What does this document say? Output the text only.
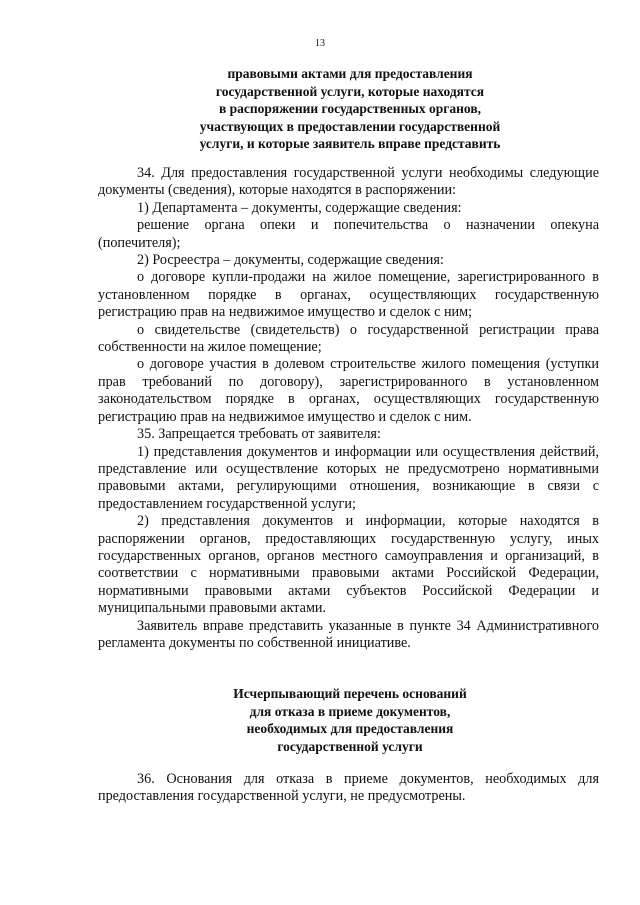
13
правовыми актами для предоставления
государственной услуги, которые находятся
в распоряжении государственных органов,
участвующих в предоставлении государственной
услуги, и которые заявитель вправе представить

34. Для предоставления государственной услуги необходимы следующие документы (сведения), которые находятся в распоряжении:

1) Департамента – документы, содержащие сведения:

решение органа опеки и попечительства о назначении опекуна (попечителя);

2) Росреестра – документы, содержащие сведения:

о договоре купли-продажи на жилое помещение, зарегистрированного в установленном порядке в органах, осуществляющих государственную регистрацию прав на недвижимое имущество и сделок с ним;

о свидетельстве (свидетельств) о государственной регистрации права собственности на жилое помещение;

о договоре участия в долевом строительстве жилого помещения (уступки прав требований по договору), зарегистрированного в установленном законодательством порядке в органах, осуществляющих государственную регистрацию прав на недвижимое имущество и сделок с ним.

35. Запрещается требовать от заявителя:

1) представления документов и информации или осуществления действий, представление или осуществление которых не предусмотрено нормативными правовыми актами, регулирующими отношения, возникающие в связи с предоставлением государственной услуги;

2) представления документов и информации, которые находятся в распоряжении органов, предоставляющих государственную услугу, иных государственных органов, органов местного самоуправления и организаций, в соответствии с нормативными правовыми актами Российской Федерации, нормативными правовыми актами субъектов Российской Федерации и муниципальными правовыми актами.

Заявитель вправе представить указанные в пункте 34 Административного регламента документы по собственной инициативе.

Исчерпывающий перечень оснований
для отказа в приеме документов,
необходимых для предоставления
государственной услуги

36. Основания для отказа в приеме документов, необходимых для предоставления государственной услуги, не предусмотрены.
